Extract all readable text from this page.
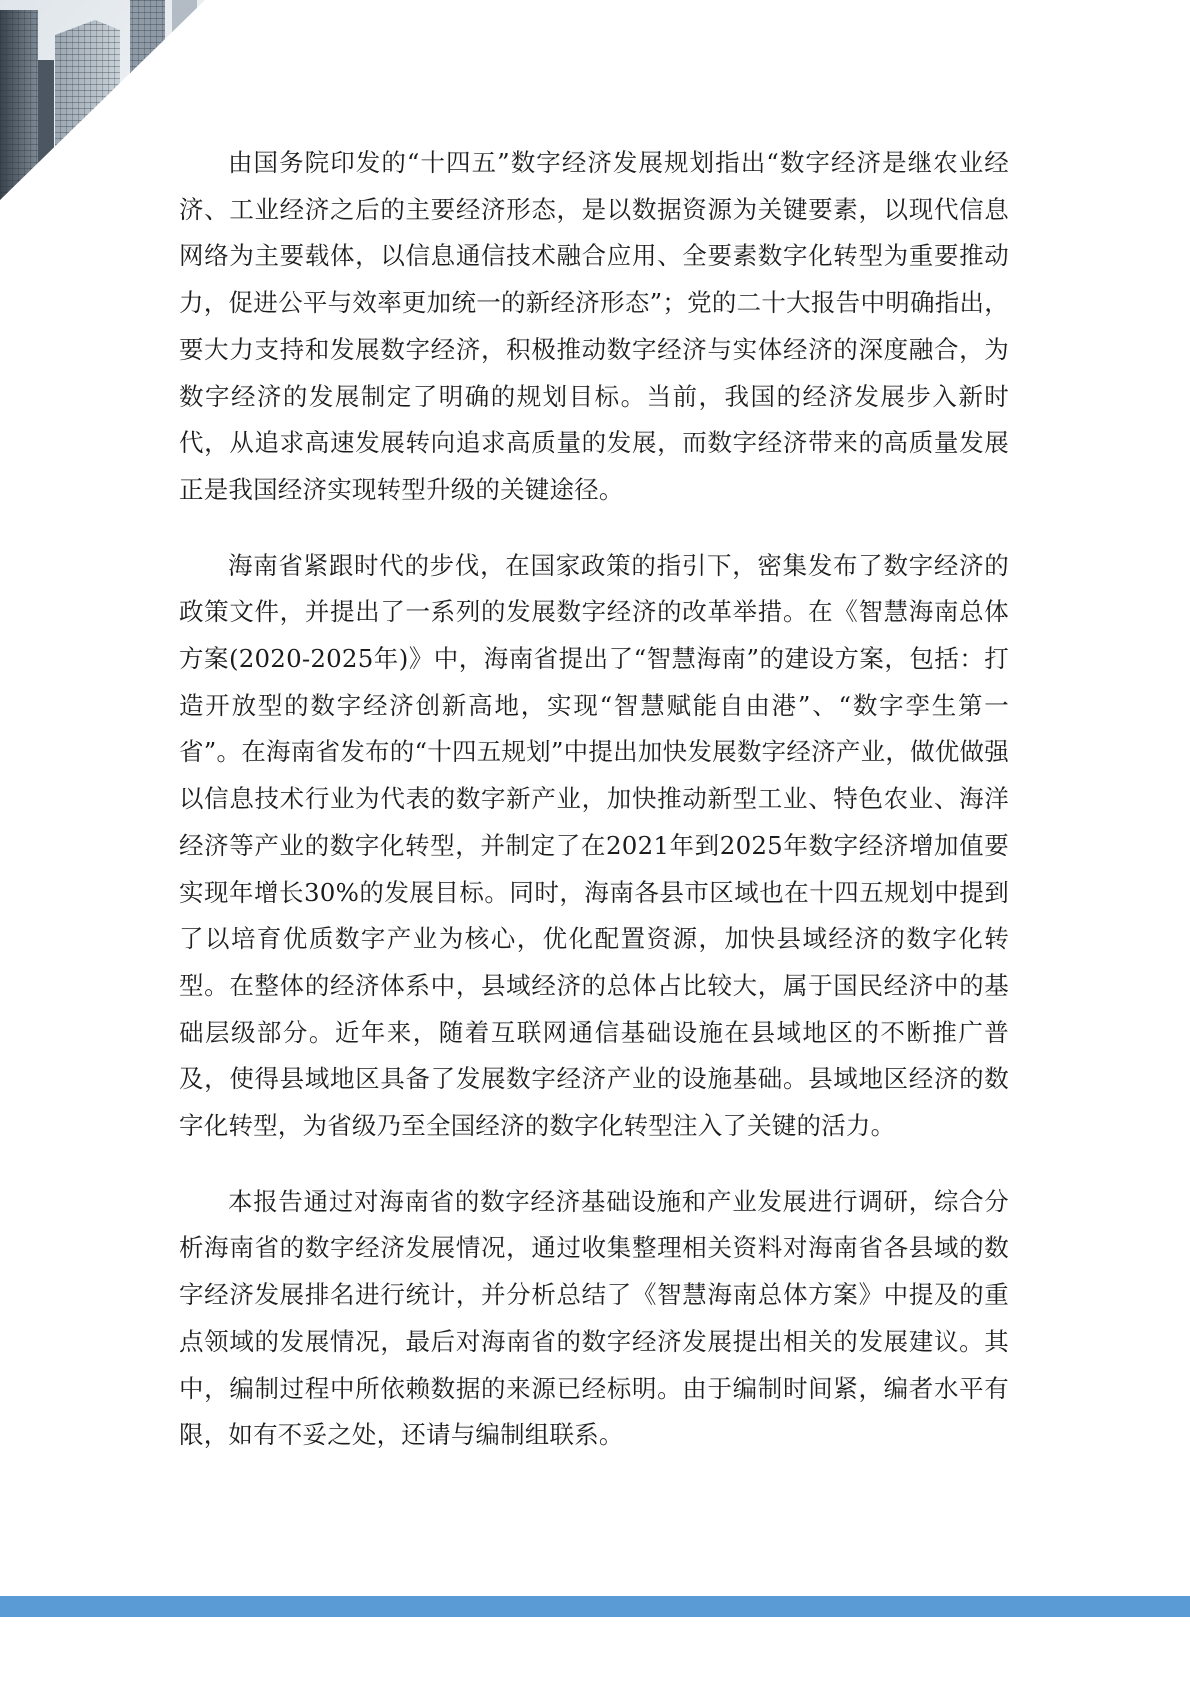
由国务院印发的“十四五”数字经济发展规划指出“数字经济是继农业经济、工业经济之后的主要经济形态，是以数据资源为关键要素，以现代信息网络为主要载体，以信息通信技术融合应用、全要素数字化转型为重要推动力，促进公平与效率更加统一的新经济形态”；党的二十大报告中明确指出，要大力支持和发展数字经济，积极推动数字经济与实体经济的深度融合，为数字经济的发展制定了明确的规划目标。当前，我国的经济发展步入新时代，从追求高速发展转向追求高质量的发展，而数字经济带来的高质量发展正是我国经济实现转型升级的关键途径。

海南省紧跟时代的步伐，在国家政策的指引下，密集发布了数字经济的政策文件，并提出了一系列的发展数字经济的改革举措。在《智慧海南总体方案(2020-2025年)》中，海南省提出了“智慧海南”的建设方案，包括：打造开放型的数字经济创新高地，实现“智慧赋能自由港”、“数字孪生第一省”。在海南省发布的“十四五规划”中提出加快发展数字经济产业，做优做强以信息技术行业为代表的数字新产业，加快推动新型工业、特色农业、海洋经济等产业的数字化转型，并制定了在2021年到2025年数字经济增加值要实现年增长30%的发展目标。同时，海南各县市区域也在十四五规划中提到了以培育优质数字产业为核心，优化配置资源，加快县域经济的数字化转型。在整体的经济体系中，县域经济的总体占比较大，属于国民经济中的基础层级部分。近年来，随着互联网通信基础设施在县域地区的不断推广普及，使得县域地区具备了发展数字经济产业的设施基础。县域地区经济的数字化转型，为省级乃至全国经济的数字化转型注入了关键的活力。

本报告通过对海南省的数字经济基础设施和产业发展进行调研，综合分析海南省的数字经济发展情况，通过收集整理相关资料对海南省各县域的数字经济发展排名进行统计，并分析总结了《智慧海南总体方案》中提及的重点领域的发展情况，最后对海南省的数字经济发展提出相关的发展建议。其中，编制过程中所依赖数据的来源已经标明。由于编制时间紧，编者水平有限，如有不妥之处，还请与编制组联系。
